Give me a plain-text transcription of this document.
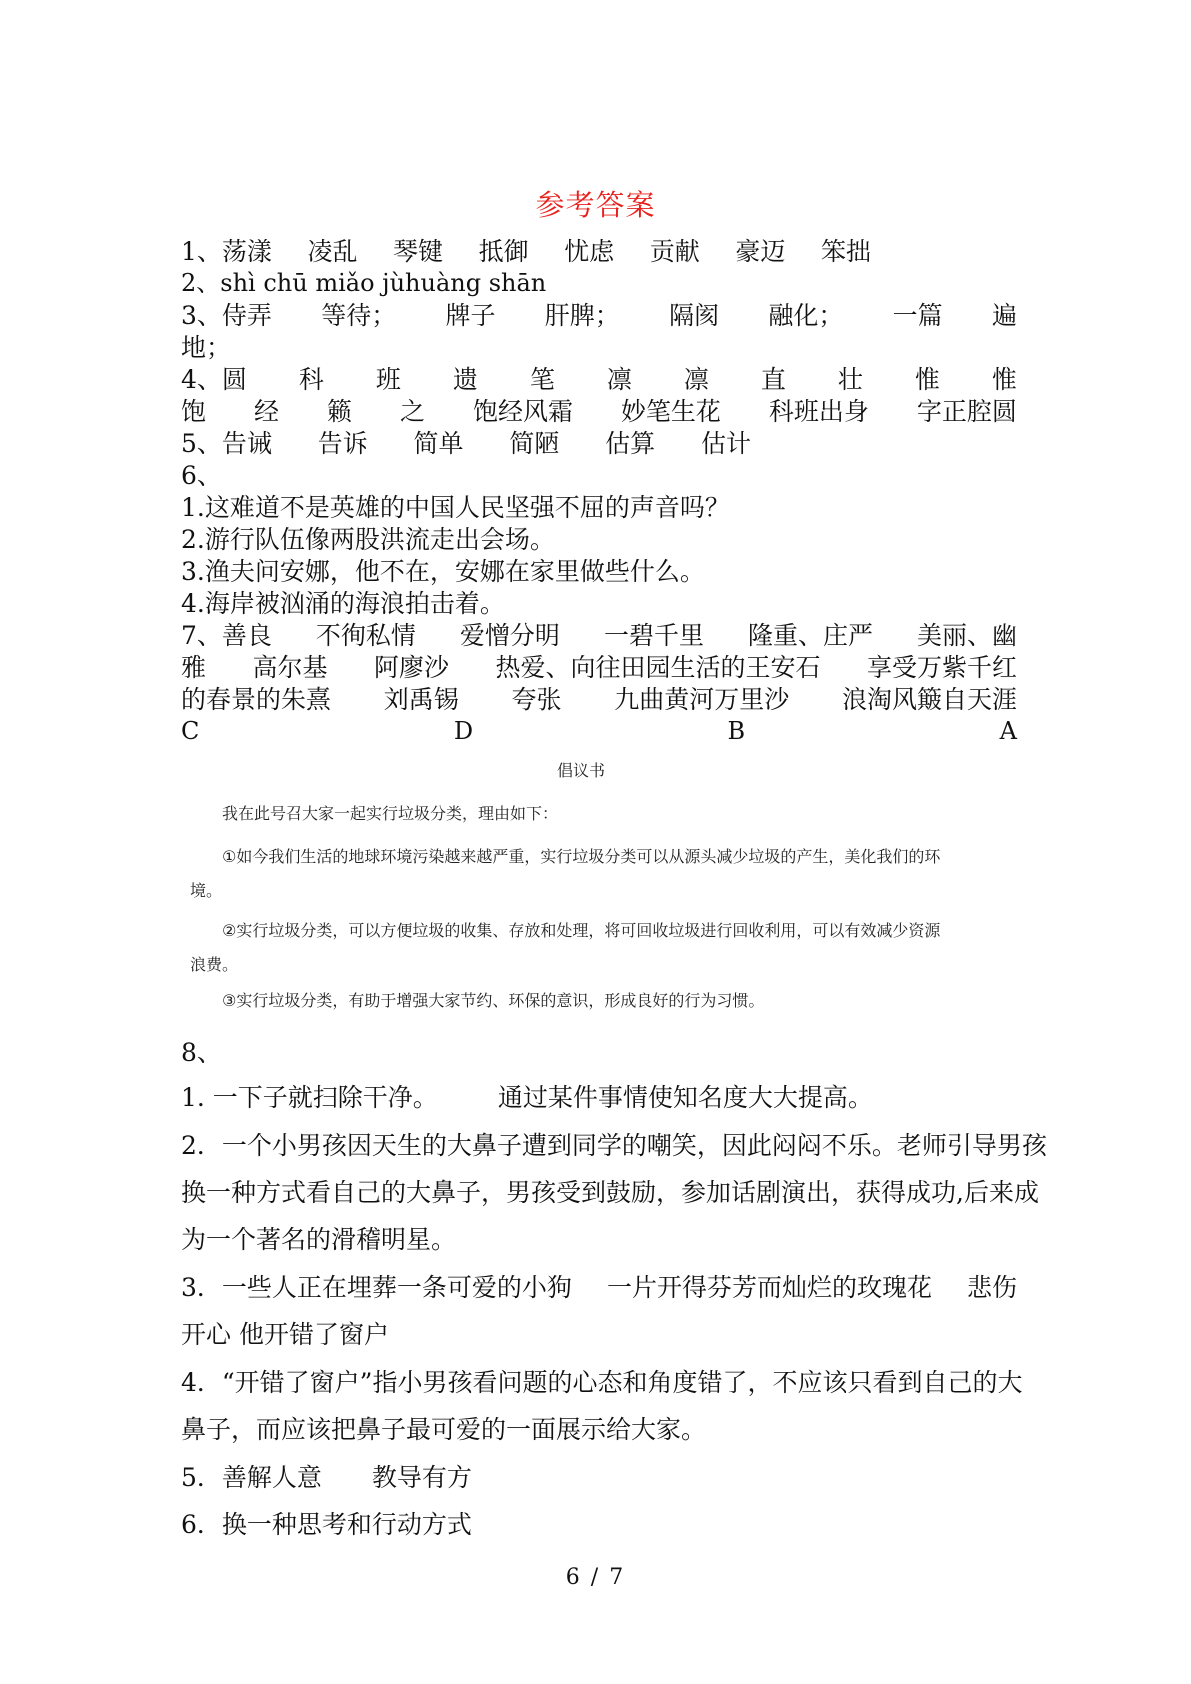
参考答案
1、荡漾 凌乱 琴键 抵御 忧虑 贡献 豪迈 笨拙
2、shì chū miǎo jùhuàng shān
3、侍弄 等待； 牌子 肝脾； 隔阂 融化； 一篇 遍
地；
4、圆 科 班 遗 笔 凛 凛 直 壮 惟 惟
饱 经 籁 之 饱经风霜 妙笔生花 科班出身 字正腔圆
5、告诫 告诉 简单 简陋 估算 估计
6、
1.这难道不是英雄的中国人民坚强不屈的声音吗？
2.游行队伍像两股洪流走出会场。
3.渔夫问安娜，他不在，安娜在家里做些什么。
4.海岸被汹涌的海浪拍击着。
7、善良 不徇私情 爱憎分明 一碧千里 隆重、庄严 美丽、幽
雅 高尔基 阿廖沙 热爱、向往田园生活的王安石 享受万紫千红
的春景的朱熹 刘禹锡 夸张 九曲黄河万里沙 浪淘风簸自天涯
C	D	B	A
倡议书
我在此号召大家一起实行垃圾分类，理由如下：
①如今我们生活的地球环境污染越来越严重，实行垃圾分类可以从源头减少垃圾的产生，美化我们的环
境。
②实行垃圾分类，可以方便垃圾的收集、存放和处理，将可回收垃圾进行回收利用，可以有效减少资源
浪费。
③实行垃圾分类，有助于增强大家节约、环保的意识，形成良好的行为习惯。
8、
1. 一下子就扫除干净。 通过某件事情使知名度大大提高。
2．一个小男孩因天生的大鼻子遭到同学的嘲笑，因此闷闷不乐。老师引导男孩
换一种方式看自己的大鼻子，男孩受到鼓励，参加话剧演出，获得成功,后来成
为一个著名的滑稽明星。
3．一些人正在埋葬一条可爱的小狗 一片开得芬芳而灿烂的玫瑰花 悲伤
开心 他开错了窗户
4．“开错了窗户”指小男孩看问题的心态和角度错了，不应该只看到自己的大
鼻子，而应该把鼻子最可爱的一面展示给大家。
5．善解人意 教导有方
6．换一种思考和行动方式
6 / 7
